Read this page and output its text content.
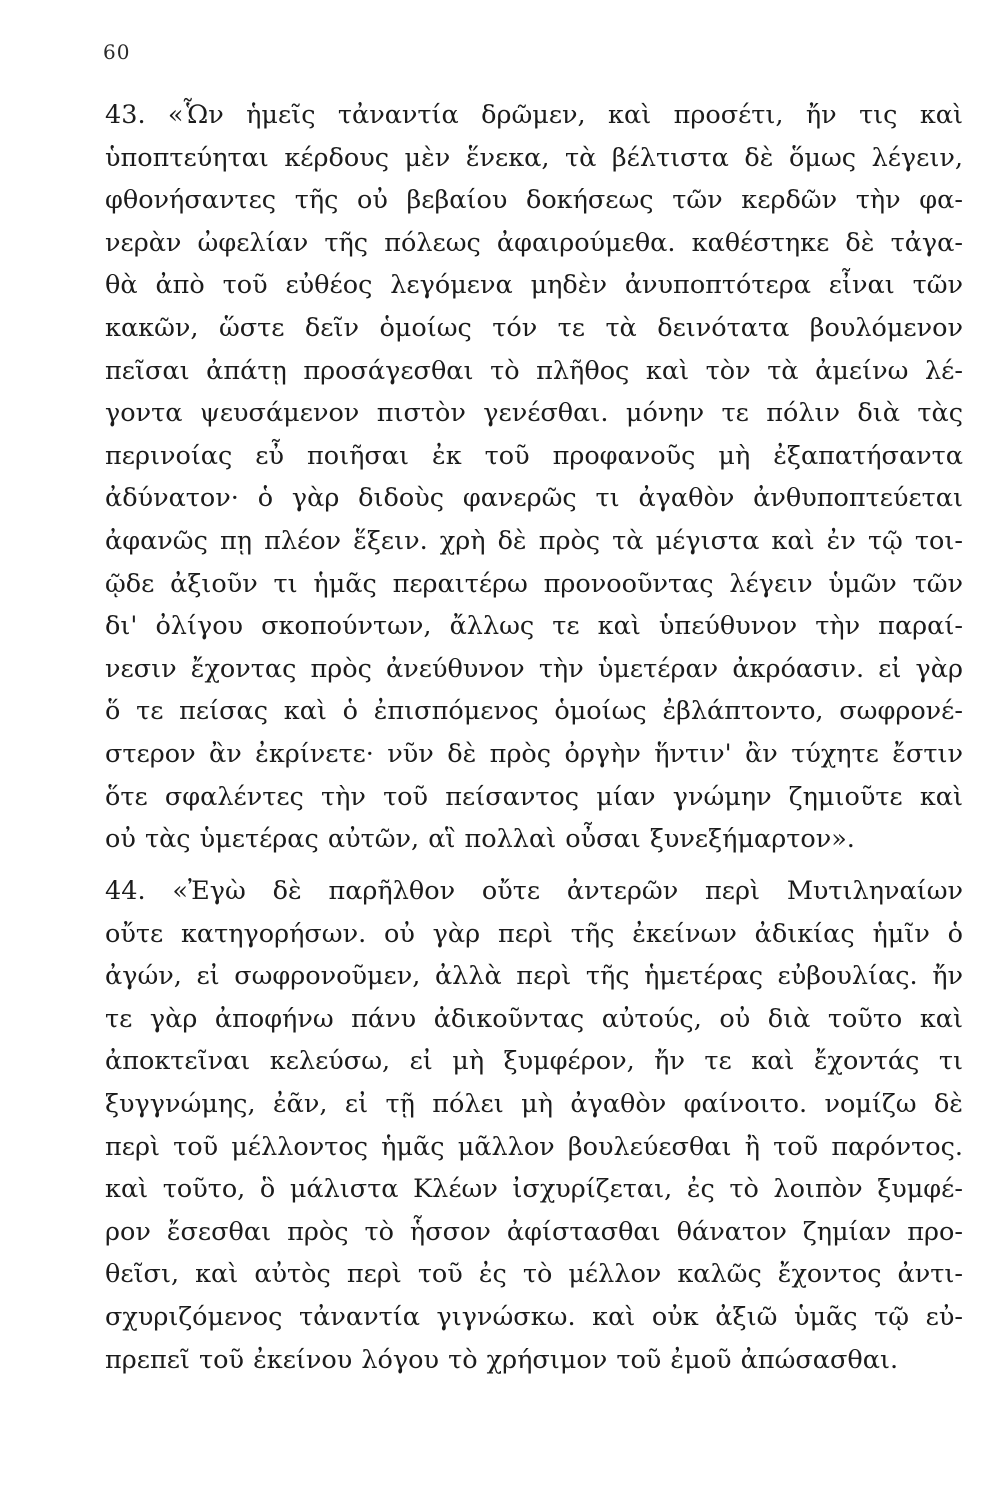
60
43. «Ὧν ἡμεῖς τἀναντία δρῶμεν, καὶ προσέτι, ἤν τις καὶ
ὑποπτεύηται κέρδους μὲν ἕνεκα, τὰ βέλτιστα δὲ ὅμως λέγειν,
φθονήσαντες τῆς οὐ βεβαίου δοκήσεως τῶν κερδῶν τὴν φα-
νερὰν ὠφελίαν τῆς πόλεως ἀφαιρούμεθα. καθέστηκε δὲ τἀγα-
θὰ ἀπὸ τοῦ εὐθέος λεγόμενα μηδὲν ἀνυποπτότερα εἶναι τῶν
κακῶν, ὥστε δεῖν ὁμοίως τόν τε τὰ δεινότατα βουλόμενον
πεῖσαι ἀπάτῃ προσάγεσθαι τὸ πλῆθος καὶ τὸν τὰ ἀμείνω λέ-
γοντα ψευσάμενον πιστὸν γενέσθαι. μόνην τε πόλιν διὰ τὰς
περινοίας εὖ ποιῆσαι ἐκ τοῦ προφανοῦς μὴ ἐξαπατήσαντα
ἀδύνατον· ὁ γὰρ διδοὺς φανερῶς τι ἀγαθὸν ἀνθυποπτεύεται
ἀφανῶς πῃ πλέον ἕξειν. χρὴ δὲ πρὸς τὰ μέγιστα καὶ ἐν τῷ τοι-
ῷδε ἀξιοῦν τι ἡμᾶς περαιτέρω προνοοῦντας λέγειν ὑμῶν τῶν
δι' ὀλίγου σκοπούντων, ἄλλως τε καὶ ὑπεύθυνον τὴν παραί-
νεσιν ἔχοντας πρὸς ἀνεύθυνον τὴν ὑμετέραν ἀκρόασιν. εἰ γὰρ
ὅ τε πείσας καὶ ὁ ἐπισπόμενος ὁμοίως ἐβλάπτοντο, σωφρονέ-
στερον ἂν ἐκρίνετε· νῦν δὲ πρὸς ὀργὴν ἥντιν' ἂν τύχητε ἔστιν
ὅτε σφαλέντες τὴν τοῦ πείσαντος μίαν γνώμην ζημιοῦτε καὶ
οὐ τὰς ὑμετέρας αὐτῶν, αἳ πολλαὶ οὖσαι ξυνεξήμαρτον».
44. «Ἐγὼ δὲ παρῆλθον οὔτε ἀντερῶν περὶ Μυτιληναίων
οὔτε κατηγορήσων. οὐ γὰρ περὶ τῆς ἐκείνων ἀδικίας ἡμῖν ὁ
ἀγών, εἰ σωφρονοῦμεν, ἀλλὰ περὶ τῆς ἡμετέρας εὐβουλίας. ἤν
τε γὰρ ἀποφήνω πάνυ ἀδικοῦντας αὐτούς, οὐ διὰ τοῦτο καὶ
ἀποκτεῖναι κελεύσω, εἰ μὴ ξυμφέρον, ἤν τε καὶ ἔχοντάς τι
ξυγγνώμης, ἐᾶν, εἰ τῇ πόλει μὴ ἀγαθὸν φαίνοιτο. νομίζω δὲ
περὶ τοῦ μέλλοντος ἡμᾶς μᾶλλον βουλεύεσθαι ἢ τοῦ παρόντος.
καὶ τοῦτο, ὃ μάλιστα Κλέων ἰσχυρίζεται, ἐς τὸ λοιπὸν ξυμφέ-
ρον ἔσεσθαι πρὸς τὸ ἧσσον ἀφίστασθαι θάνατον ζημίαν προ-
θεῖσι, καὶ αὐτὸς περὶ τοῦ ἐς τὸ μέλλον καλῶς ἔχοντος ἀντι-
σχυριζόμενος τἀναντία γιγνώσκω. καὶ οὐκ ἀξιῶ ὑμᾶς τῷ εὐ-
πρεπεῖ τοῦ ἐκείνου λόγου τὸ χρήσιμον τοῦ ἐμοῦ ἀπώσασθαι.
